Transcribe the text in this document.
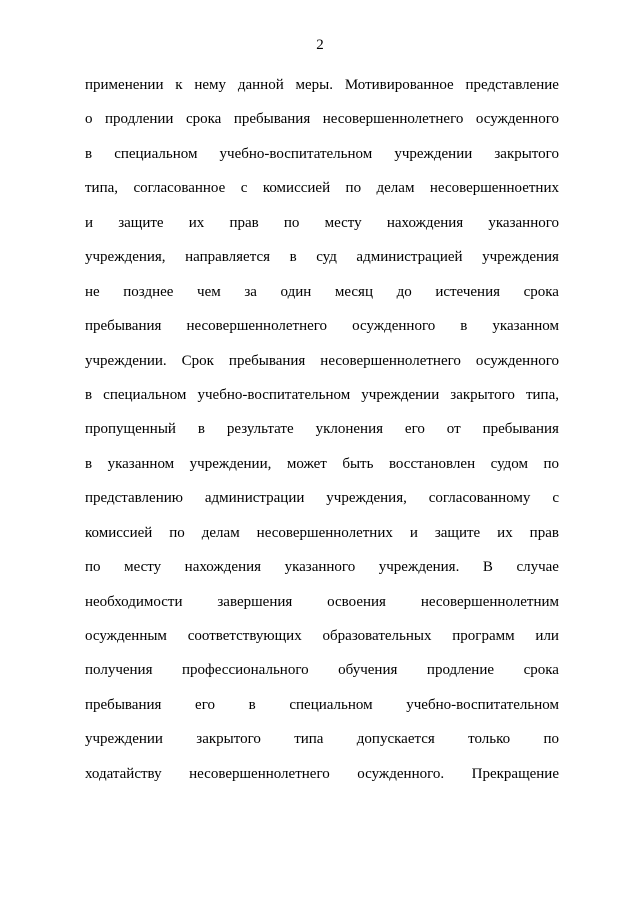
2
применении к нему данной меры. Мотивированное представление
о продлении срока пребывания несовершеннолетнего осужденного
в специальном учебно-воспитательном учреждении закрытого
типа, согласованное с комиссией по делам несовершенноетних
и защите их прав по месту нахождения указанного
учреждения, направляется в суд администрацией учреждения
не позднее чем за один месяц до истечения срока
пребывания несовершеннолетнего осужденного в указанном
учреждении. Срок пребывания несовершеннолетнего осужденного
в специальном учебно-воспитательном учреждении закрытого типа,
пропущенный в результате уклонения его от пребывания
в указанном учреждении, может быть восстановлен судом по
представлению администрации учреждения, согласованному с
комиссией по делам несовершеннолетних и защите их прав
по месту нахождения указанного учреждения. В случае
необходимости завершения освоения несовершеннолетним
осужденным соответствующих образовательных программ или
получения профессионального обучения продление срока
пребывания его в специальном учебно-воспитательном
учреждении закрытого типа допускается только по
ходатайству несовершеннолетнего осужденного. Прекращение
